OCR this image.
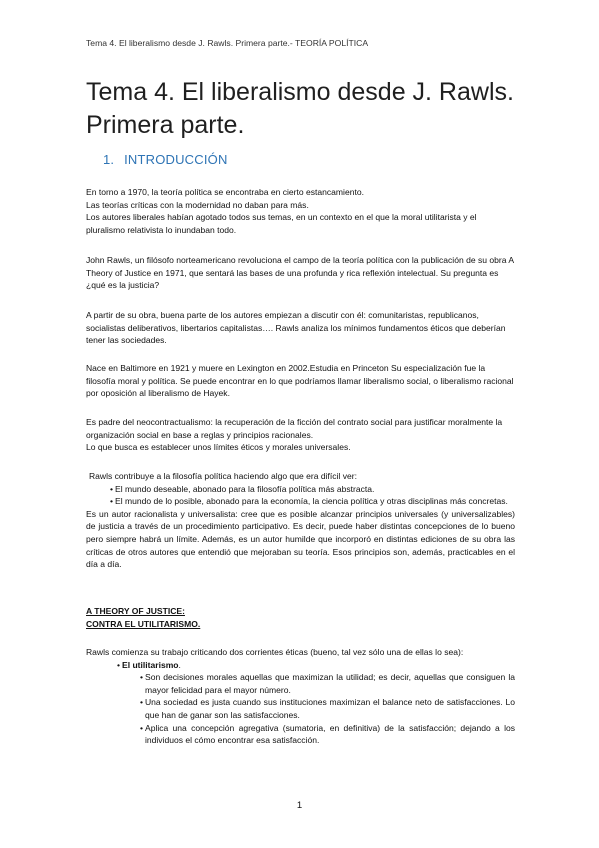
Tema 4. El liberalismo desde J. Rawls. Primera parte.- TEORÍA POLÍTICA
Tema 4. El liberalismo desde J. Rawls. Primera parte.
1. INTRODUCCIÓN

En torno a 1970, la teoría política se encontraba en cierto estancamiento.

Las teorías críticas con la modernidad no daban para más.

Los autores liberales habían agotado todos sus temas, en un contexto en el que la moral utilitarista y el pluralismo relativista lo inundaban todo.

John Rawls, un filósofo norteamericano revoluciona el campo de la teoría política con la publicación de su obra A Theory of Justice en 1971, que sentará las bases de una profunda y rica reflexión intelectual. Su pregunta es ¿qué es la justicia?

A partir de su obra, buena parte de los autores empiezan a discutir con él: comunitaristas, republicanos, socialistas deliberativos, libertarios capitalistas…. Rawls analiza los mínimos fundamentos éticos que deberían tener las sociedades.

Nace en Baltimore en 1921 y muere en Lexington en 2002.Estudia en Princeton Su especialización fue la filosofía moral y política. Se puede encontrar en lo que podríamos llamar liberalismo social, o liberalismo racional por oposición al liberalismo de Hayek.

Es padre del neocontractualismo: la recuperación de la ficción del contrato social para justificar moralmente la organización social en base a reglas y principios racionales.

Lo que busca es establecer unos límites éticos y morales universales.

Rawls contribuye a la filosofía política haciendo algo que era difícil ver:

• El mundo deseable, abonado para la filosofía política más abstracta.
• El mundo de lo posible, abonado para la economía, la ciencia política y otras disciplinas más concretas.

Es un autor racionalista y universalista: cree que es posible alcanzar principios universales (y universalizables) de justicia a través de un procedimiento participativo. Es decir, puede haber distintas concepciones de lo bueno pero siempre habrá un límite. Además, es un autor humilde que incorporó en distintas ediciones de su obra las críticas de otros autores que entendió que mejoraban su teoría. Esos principios son, además, practicables en el día a día.

A THEORY OF JUSTICE:

CONTRA EL UTILITARISMO.

Rawls comienza su trabajo criticando dos corrientes éticas (bueno, tal vez sólo una de ellas lo sea):

• El utilitarismo.
• Son decisiones morales aquellas que maximizan la utilidad; es decir, aquellas que consiguen la mayor felicidad para el mayor número.
• Una sociedad es justa cuando sus instituciones maximizan el balance neto de satisfacciones. Lo que han de ganar son las satisfacciones.
• Aplica una concepción agregativa (sumatoria, en definitiva) de la satisfacción; dejando a los individuos el cómo encontrar esa satisfacción.
1
